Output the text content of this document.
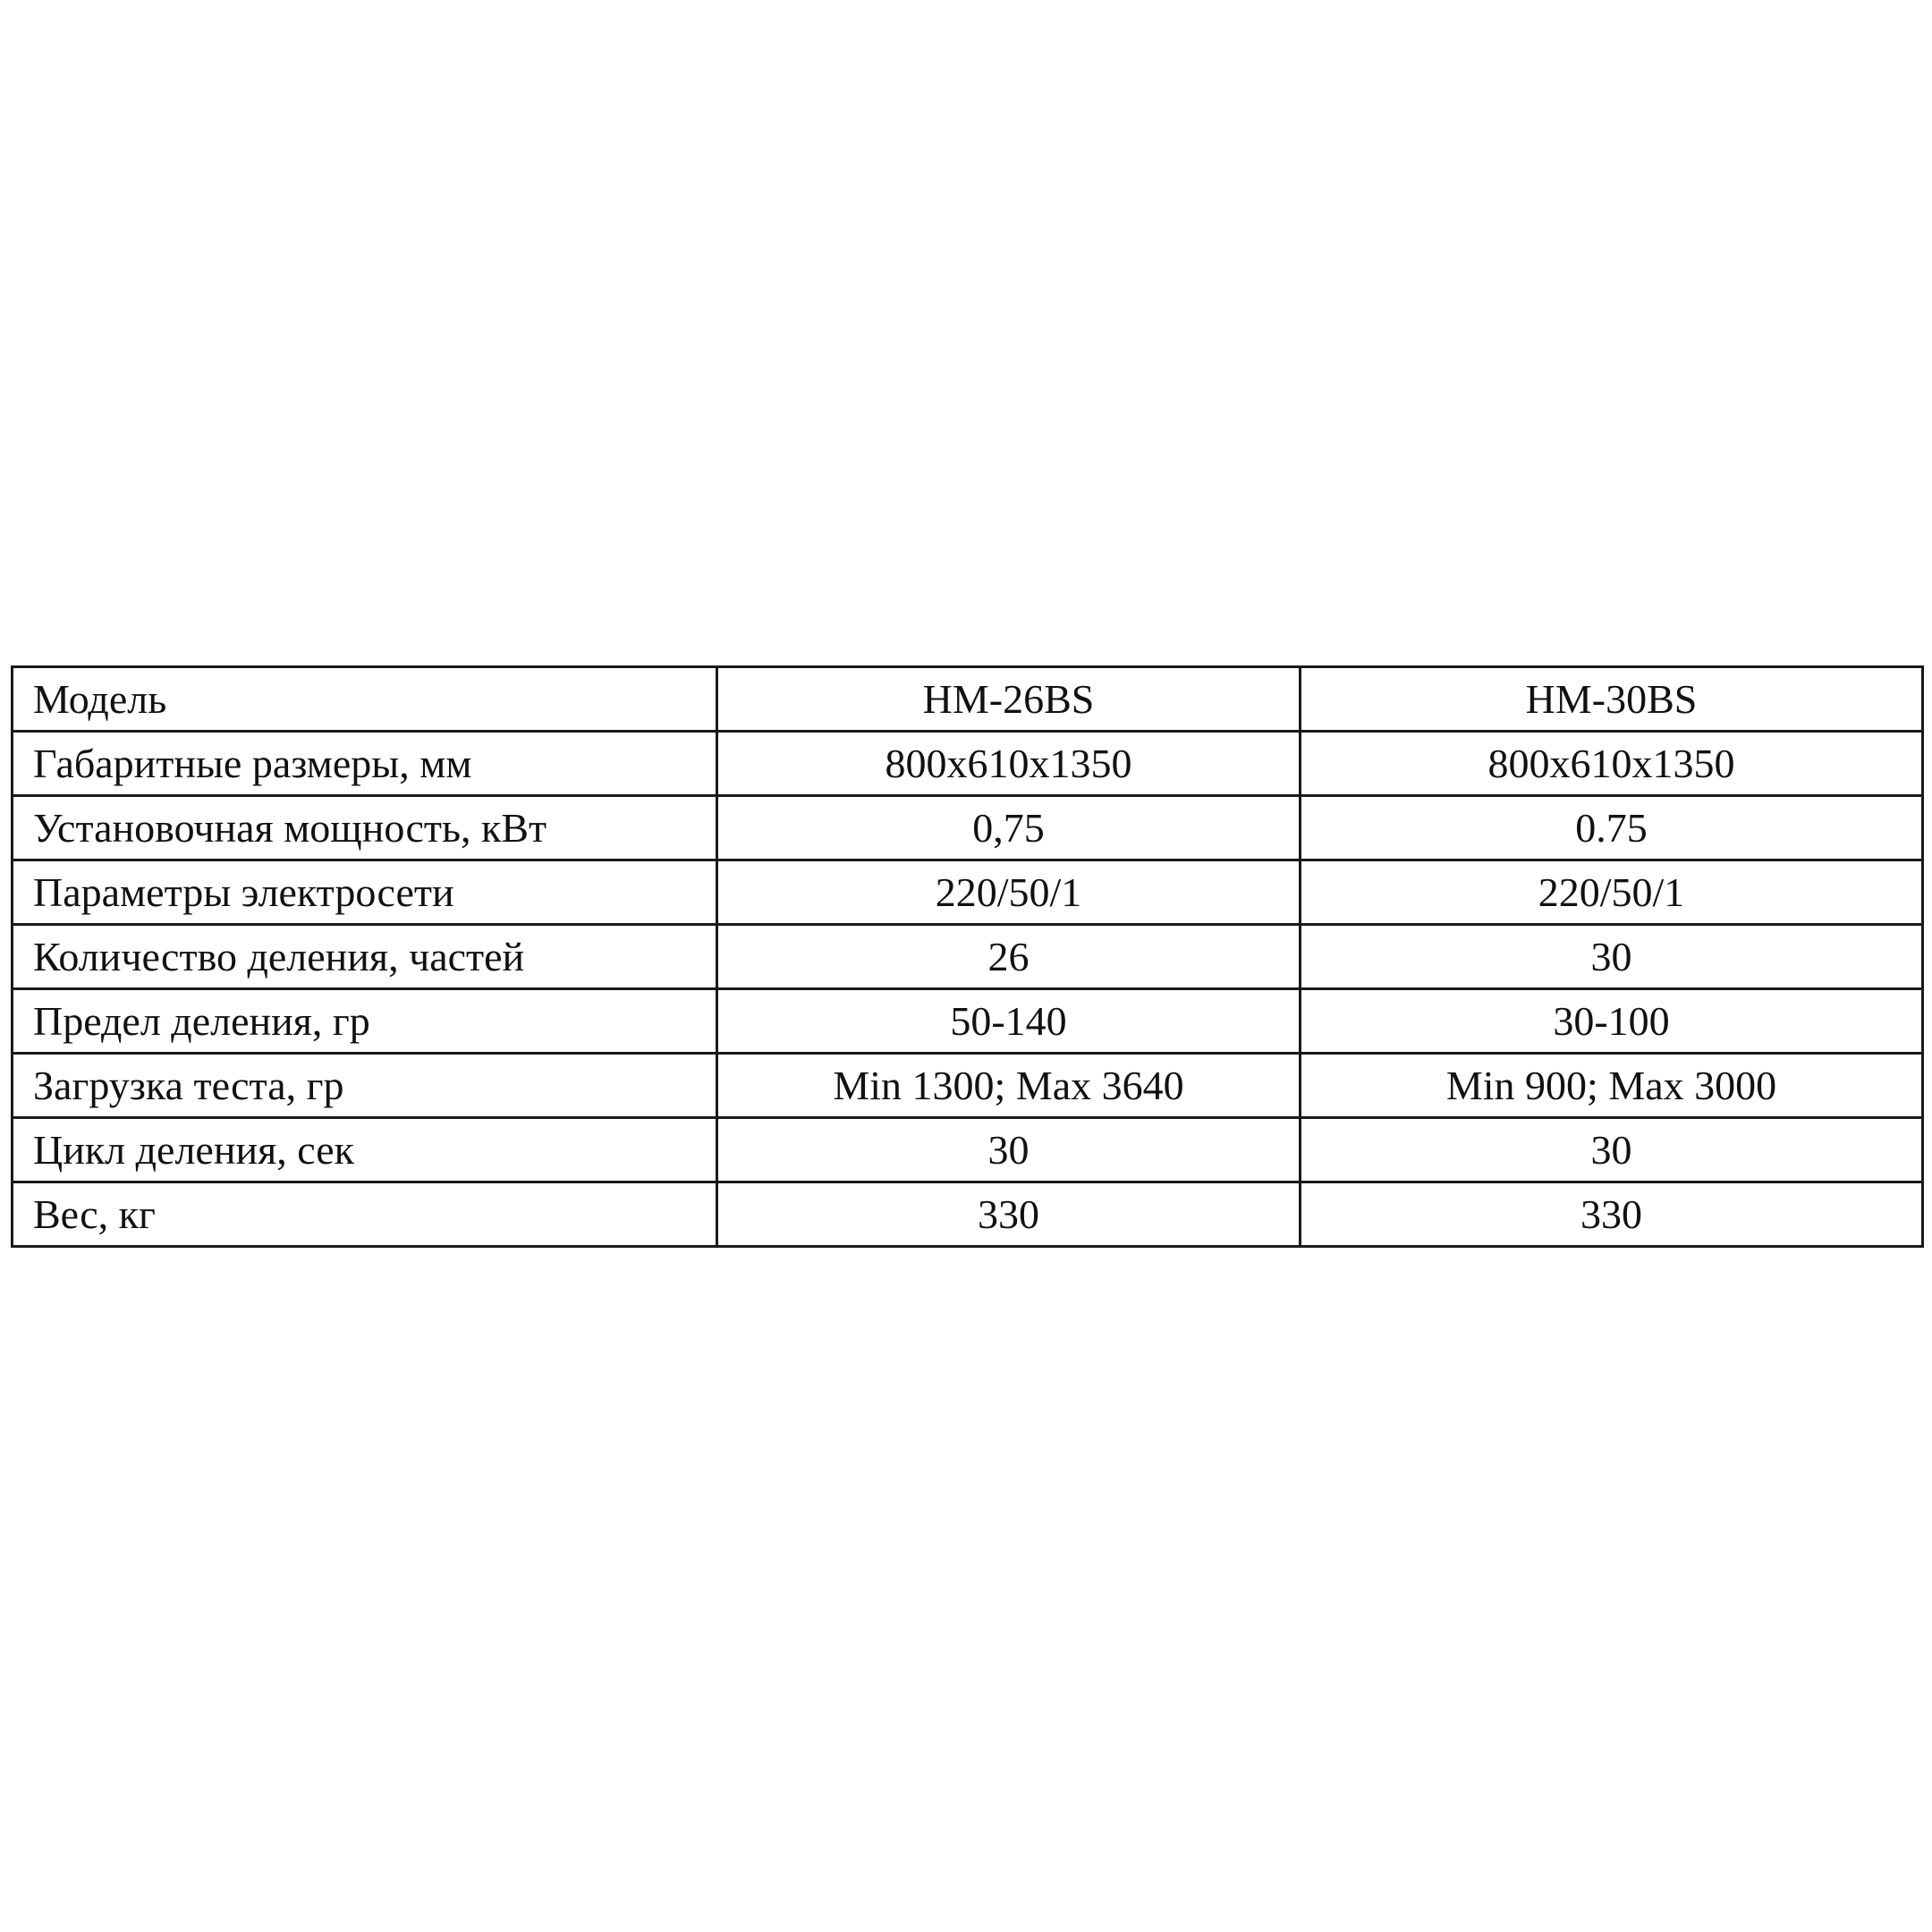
Модель	HM-26BS	HM-30BS
Габаритные размеры, мм	800x610x1350	800x610x1350
Установочная мощность, кВт	0,75	0.75
Параметры электросети	220/50/1	220/50/1
Количество деления, частей	26	30
Предел деления, гр	50-140	30-100
Загрузка теста, гр	Min 1300; Max 3640	Min 900; Max 3000
Цикл деления, сек	30	30
Вес, кг	330	330
